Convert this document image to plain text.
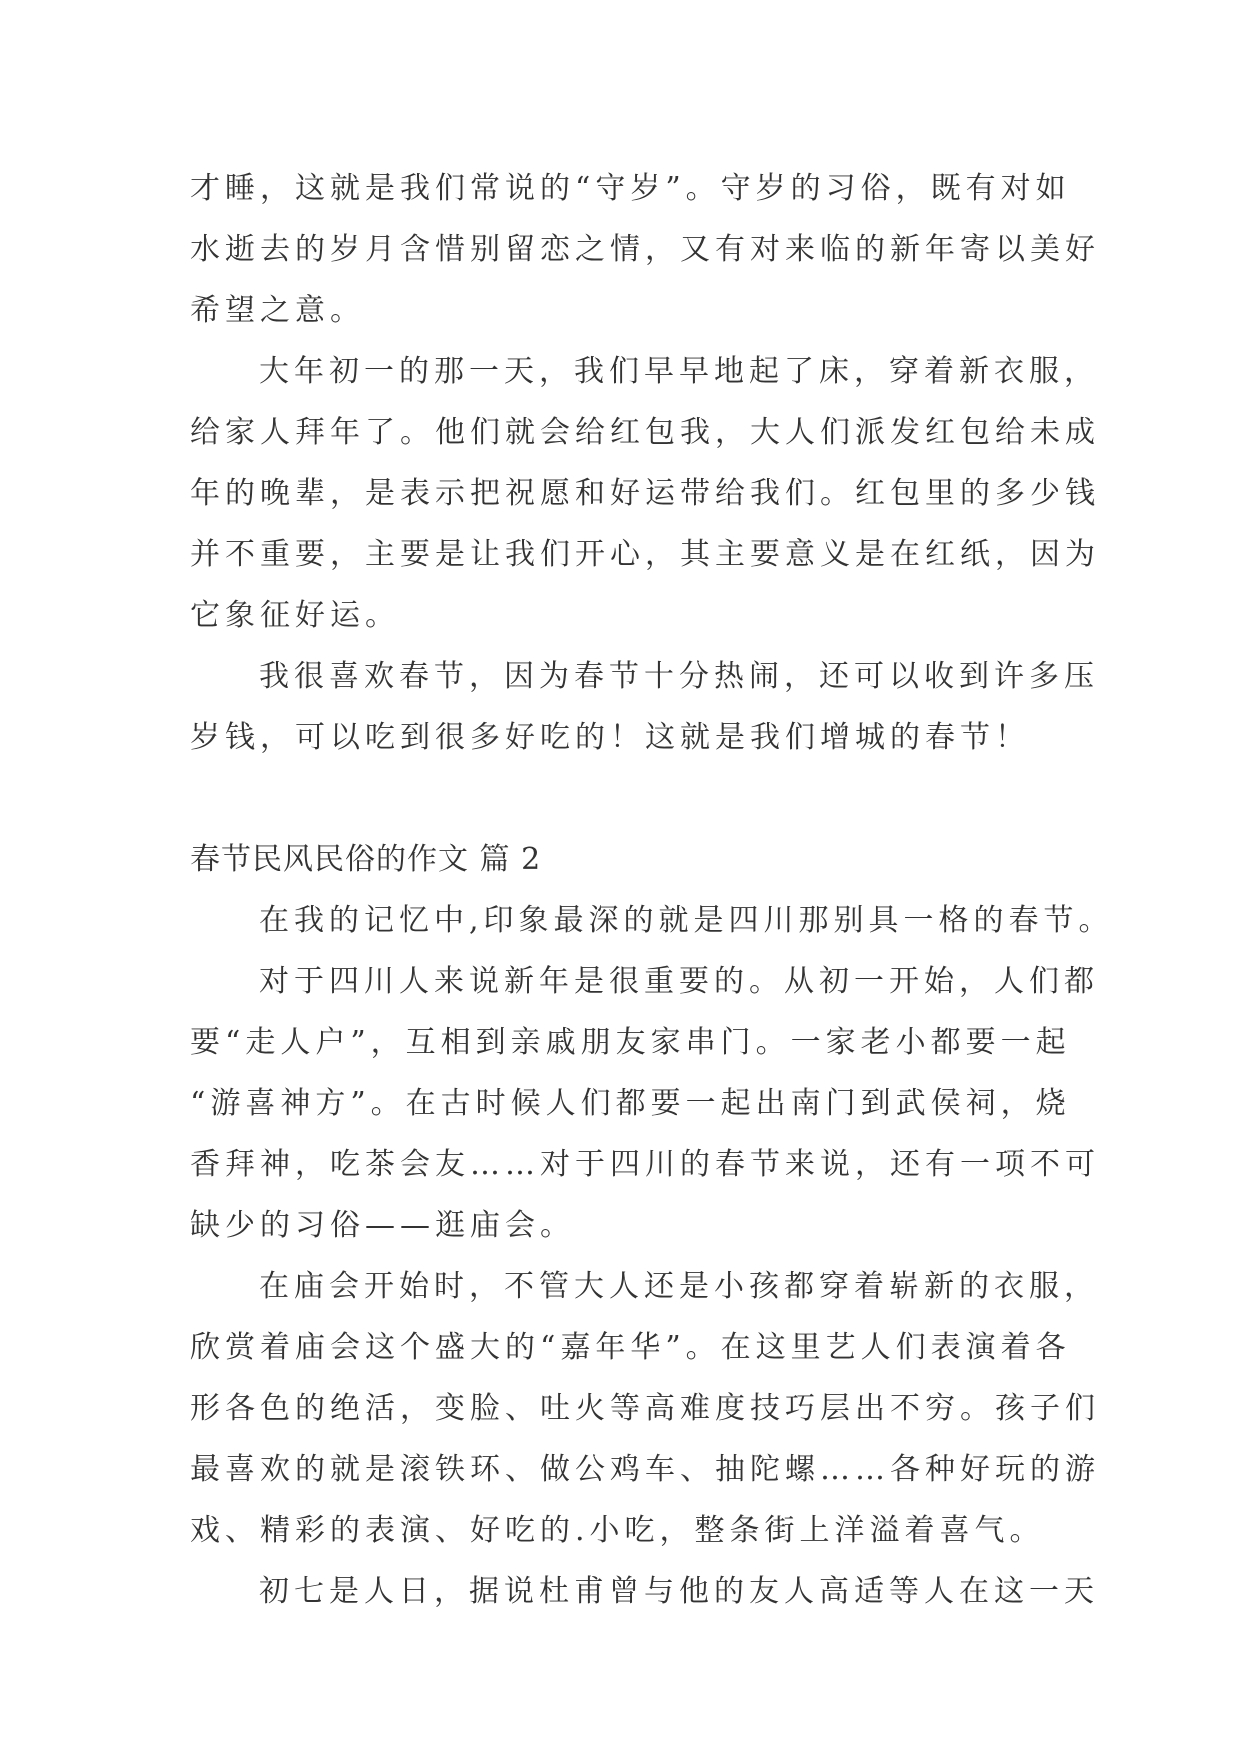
才睡，这就是我们常说的“守岁”。守岁的习俗，既有对如
水逝去的岁月含惜别留恋之情，又有对来临的新年寄以美好
希望之意。
大年初一的那一天，我们早早地起了床，穿着新衣服，
给家人拜年了。他们就会给红包我，大人们派发红包给未成
年的晚辈，是表示把祝愿和好运带给我们。红包里的多少钱
并不重要，主要是让我们开心，其主要意义是在红纸，因为
它象征好运。
我很喜欢春节，因为春节十分热闹，还可以收到许多压
岁钱，可以吃到很多好吃的！这就是我们增城的春节！
春节民风民俗的作文 篇 2
在我的记忆中,印象最深的就是四川那别具一格的春节。
对于四川人来说新年是很重要的。从初一开始，人们都
要“走人户”，互相到亲戚朋友家串门。一家老小都要一起
“游喜神方”。在古时候人们都要一起出南门到武侯祠，烧
香拜神，吃茶会友……对于四川的春节来说，还有一项不可
缺少的习俗——逛庙会。
在庙会开始时，不管大人还是小孩都穿着崭新的衣服，
欣赏着庙会这个盛大的“嘉年华”。在这里艺人们表演着各
形各色的绝活，变脸、吐火等高难度技巧层出不穷。孩子们
最喜欢的就是滚铁环、做公鸡车、抽陀螺……各种好玩的游
戏、精彩的表演、好吃的.小吃，整条街上洋溢着喜气。
初七是人日，据说杜甫曾与他的友人高适等人在这一天
